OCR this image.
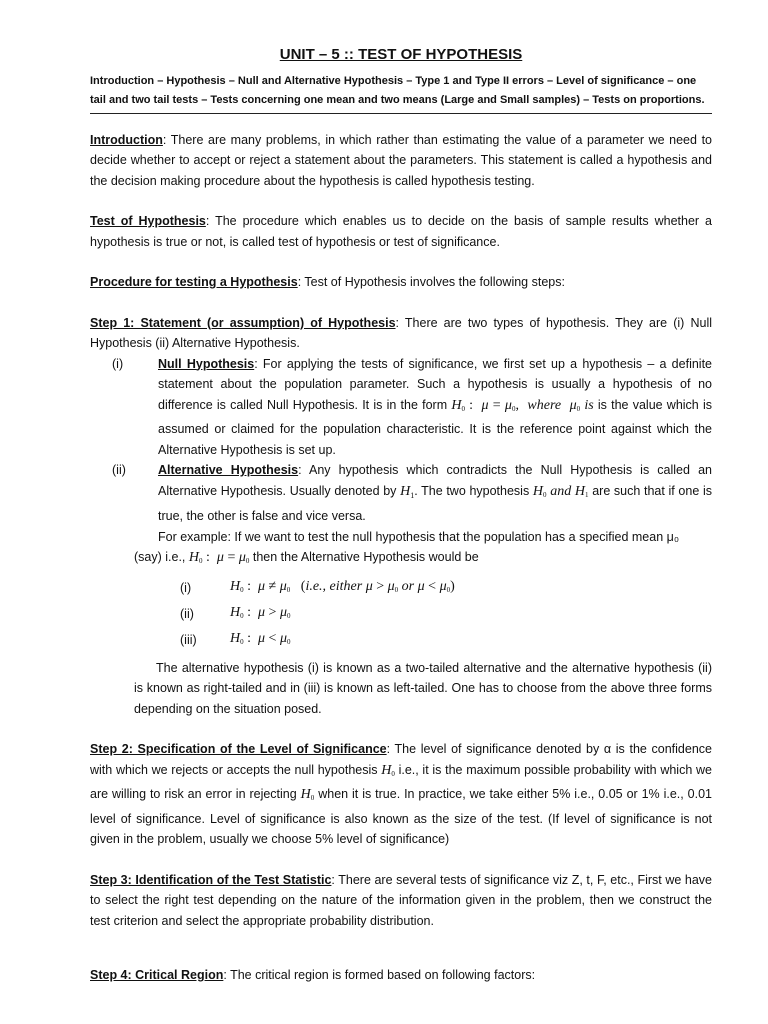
UNIT – 5 :: TEST OF HYPOTHESIS
Introduction – Hypothesis – Null and Alternative Hypothesis – Type 1 and Type II errors – Level of significance – one tail and two tail tests – Tests concerning one mean and two means (Large and Small samples) – Tests on proportions.

Introduction: There are many problems, in which rather than estimating the value of a parameter we need to decide whether to accept or reject a statement about the parameters. This statement is called a hypothesis and the decision making procedure about the hypothesis is called hypothesis testing.

Test of Hypothesis: The procedure which enables us to decide on the basis of sample results whether a hypothesis is true or not, is called test of hypothesis or test of significance.

Procedure for testing a Hypothesis: Test of Hypothesis involves the following steps:

Step 1: Statement (or assumption) of Hypothesis: There are two types of hypothesis. They are (i) Null Hypothesis (ii) Alternative Hypothesis.

(i)	Null Hypothesis: For applying the tests of significance, we first set up a hypothesis – a definite statement about the population parameter. Such a hypothesis is usually a hypothesis of no difference is called Null Hypothesis. It is in the form H0 :  μ = μ0,  where μ0 is is the value which is assumed or claimed for the population characteristic. It is the reference point against which the Alternative Hypothesis is set up.
(ii)	Alternative Hypothesis: Any hypothesis which contradicts the Null Hypothesis is called an Alternative Hypothesis. Usually denoted by $H_1$. The two hypothesis H0 and H1 are such that if one is true, the other is false and vice versa.
For example: If we want to test the null hypothesis that the population has a specified mean μ₀
(say) i.e., H0 :  μ = μ0 then the Alternative Hypothesis would be
(i)	H0 :  μ ≠ μ0   (i.e., either μ > μ0 or μ < μ0)
(ii)	H0 :  μ > μ0
(iii)	H0 :  μ < μ0
The alternative hypothesis (i) is known as a two-tailed alternative and the alternative hypothesis (ii) is known as right-tailed and in (iii) is known as left-tailed. One has to choose from the above three forms depending on the situation posed.

Step 2: Specification of the Level of Significance: The level of significance denoted by α is the confidence with which we rejects or accepts the null hypothesis H0 i.e., it is the maximum possible probability with which we are willing to risk an error in rejecting H0 when it is true. In practice, we take either 5% i.e., 0.05 or 1% i.e., 0.01 level of significance. Level of significance is also known as the size of the test. (If level of significance is not given in the problem, usually we choose 5% level of significance)

Step 3: Identification of the Test Statistic: There are several tests of significance viz Z, t, F, etc., First we have to select the right test depending on the nature of the information given in the problem, then we construct the test criterion and select the appropriate probability distribution.

Step 4: Critical Region: The critical region is formed based on following factors:
